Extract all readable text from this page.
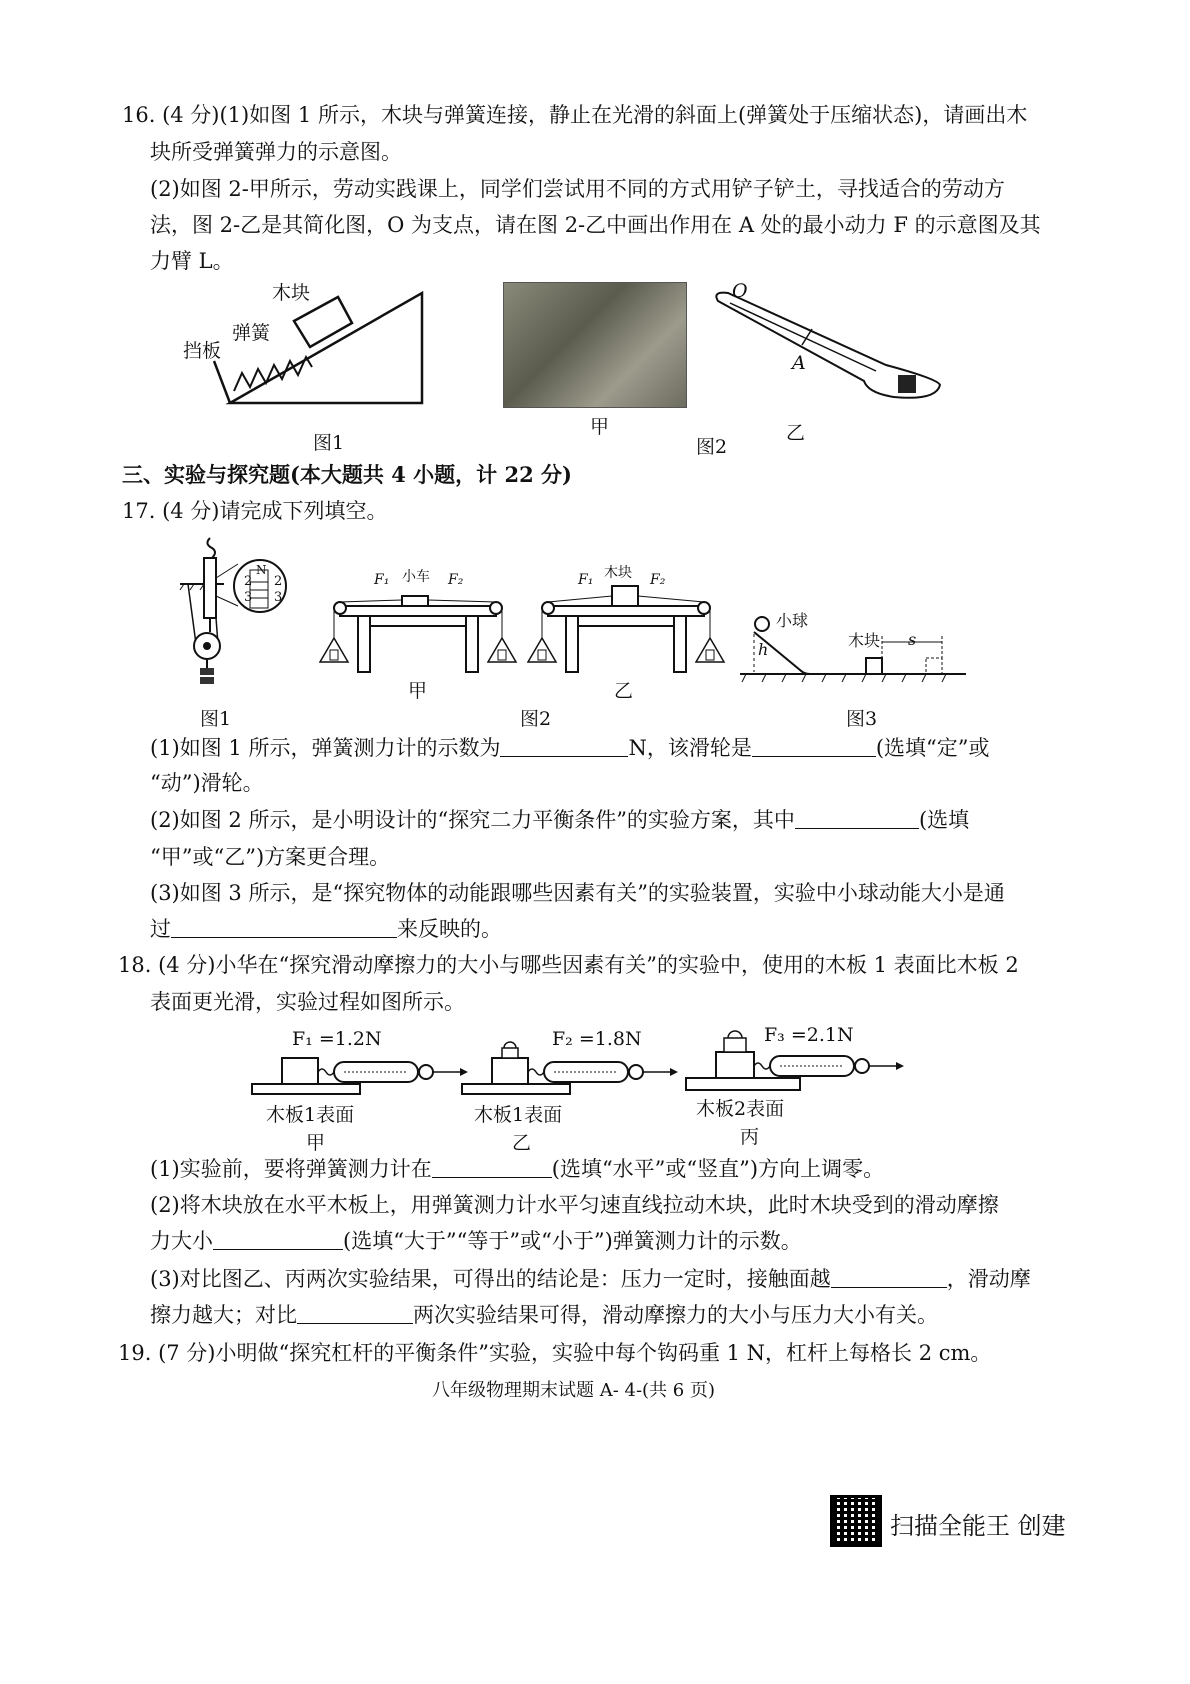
16. (4 分)(1)如图 1 所示，木块与弹簧连接，静止在光滑的斜面上(弹簧处于压缩状态)，请画出木
块所受弹簧弹力的示意图。
(2)如图 2-甲所示，劳动实践课上，同学们尝试用不同的方式用铲子铲土，寻找适合的劳动方
法，图 2-乙是其简化图，O 为支点，请在图 2-乙中画出作用在 A 处的最小动力 F 的示意图及其
力臂 L。
木块
弹簧
挡板
图1
甲
图2
O
A
乙
三、实验与探究题(本大题共 4 小题，计 22 分)
17. (4 分)请完成下列填空。
N
2
3
2
3
图1
F₁ 小车 F₂
甲
F₁ 木块 F₂
乙
图2
小球
木块
h
s
图3
(1)如图 1 所示，弹簧测力计的示数为	N，该滑轮是	(选填“定”或
“动”)滑轮。
(2)如图 2 所示，是小明设计的“探究二力平衡条件”的实验方案，其中	(选填
“甲”或“乙”)方案更合理。
(3)如图 3 所示，是“探究物体的动能跟哪些因素有关”的实验装置，实验中小球动能大小是通
过	来反映的。
18. (4 分)小华在“探究滑动摩擦力的大小与哪些因素有关”的实验中，使用的木板 1 表面比木板 2
表面更光滑，实验过程如图所示。
F₁ =1.2N
木板1表面
甲
F₂ =1.8N
木板1表面
乙
F₃ =2.1N
木板2表面
丙
(1)实验前，要将弹簧测力计在	(选填“水平”或“竖直”)方向上调零。
(2)将木块放在水平木板上，用弹簧测力计水平匀速直线拉动木块，此时木块受到的滑动摩擦
力大小	(选填“大于”“等于”或“小于”)弹簧测力计的示数。
(3)对比图乙、丙两次实验结果，可得出的结论是：压力一定时，接触面越	，滑动摩
擦力越大；对比	两次实验结果可得，滑动摩擦力的大小与压力大小有关。
19. (7 分)小明做“探究杠杆的平衡条件”实验，实验中每个钩码重 1 N，杠杆上每格长 2 cm。
八年级物理期末试题 A- 4-(共 6 页)
扫描全能王 创建
